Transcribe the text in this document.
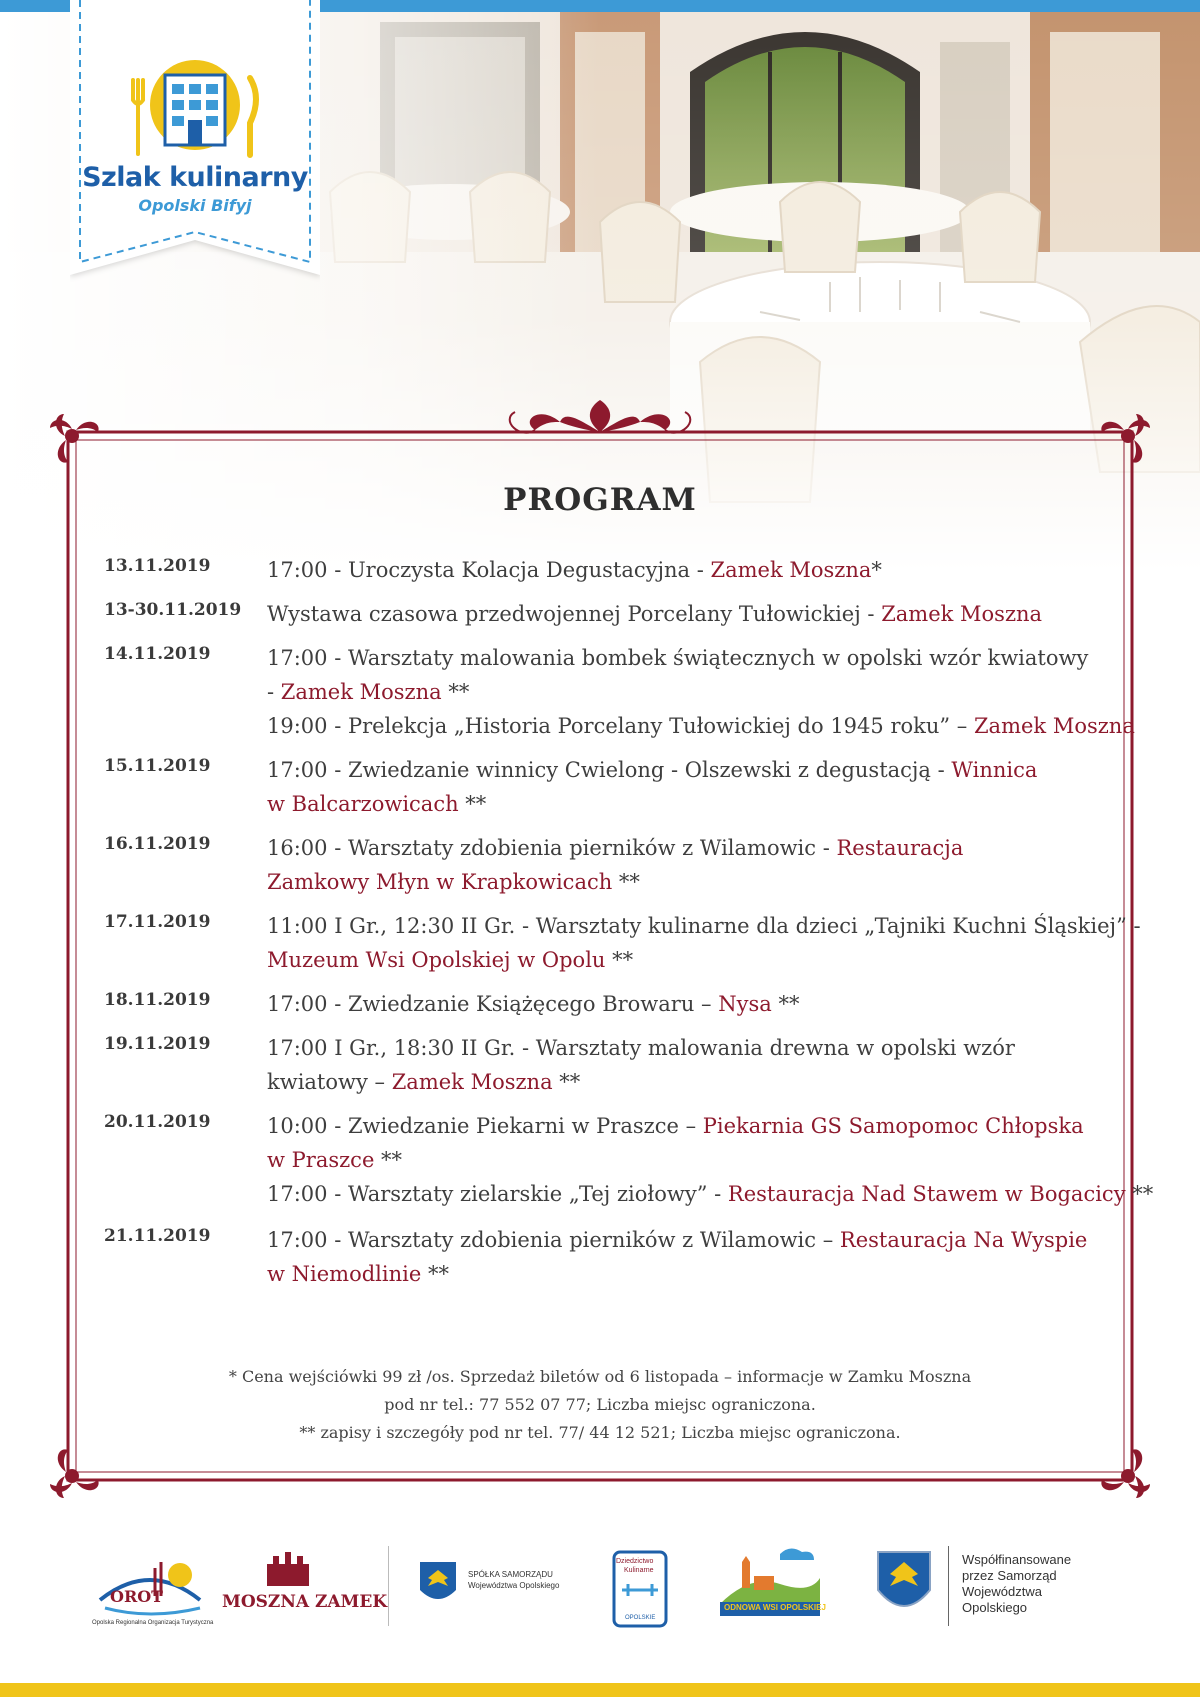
Szlak kulinarny
Opolski Bifyj
PROGRAM
13.11.2019	17:00 - Uroczysta Kolacja Degustacyjna - Zamek Moszna*
13-30.11.2019	Wystawa czasowa przedwojennej Porcelany Tułowickiej - Zamek Moszna
14.11.2019	17:00 - Warsztaty malowania bombek świątecznych w opolski wzór kwiatowy
- Zamek Moszna **
19:00 - Prelekcja „Historia Porcelany Tułowickiej do 1945 roku” – Zamek Moszna
15.11.2019	17:00 - Zwiedzanie winnicy Cwielong - Olszewski z degustacją - Winnica
w Balcarzowicach **
16.11.2019	16:00 - Warsztaty zdobienia pierników z Wilamowic - Restauracja
Zamkowy Młyn w Krapkowicach **
17.11.2019	11:00 I Gr., 12:30 II Gr. - Warsztaty kulinarne dla dzieci „Tajniki Kuchni Śląskiej” -
Muzeum Wsi Opolskiej w Opolu **
18.11.2019	17:00 - Zwiedzanie Książęcego Browaru – Nysa **
19.11.2019	17:00 I Gr., 18:30 II Gr. - Warsztaty malowania drewna w opolski wzór
kwiatowy – Zamek Moszna **
20.11.2019	10:00 - Zwiedzanie Piekarni w Praszce – Piekarnia GS Samopomoc Chłopska
w Praszce **
17:00 - Warsztaty zielarskie „Tej ziołowy” - Restauracja Nad Stawem w Bogacicy **
21.11.2019	17:00 - Warsztaty zdobienia pierników z Wilamowic – Restauracja Na Wyspie
w Niemodlinie **
* Cena wejściówki 99 zł /os. Sprzedaż biletów od 6 listopada – informacje w Zamku Moszna
pod nr tel.: 77 552 07 77; Liczba miejsc ograniczona.
** zapisy i szczegóły pod nr tel. 77/ 44 12 521; Liczba miejsc ograniczona.
OROT
Opolska Regionalna Organizacja Turystyczna
MOSZNA ZAMEK
SPÓŁKA SAMORZĄDU
Województwa Opolskiego
Dziedzictwo
Kulinarne
OPOLSKIE
ODNOWA WSI OPOLSKIEJ
Współfinansowane
przez Samorząd
Województwa
Opolskiego
